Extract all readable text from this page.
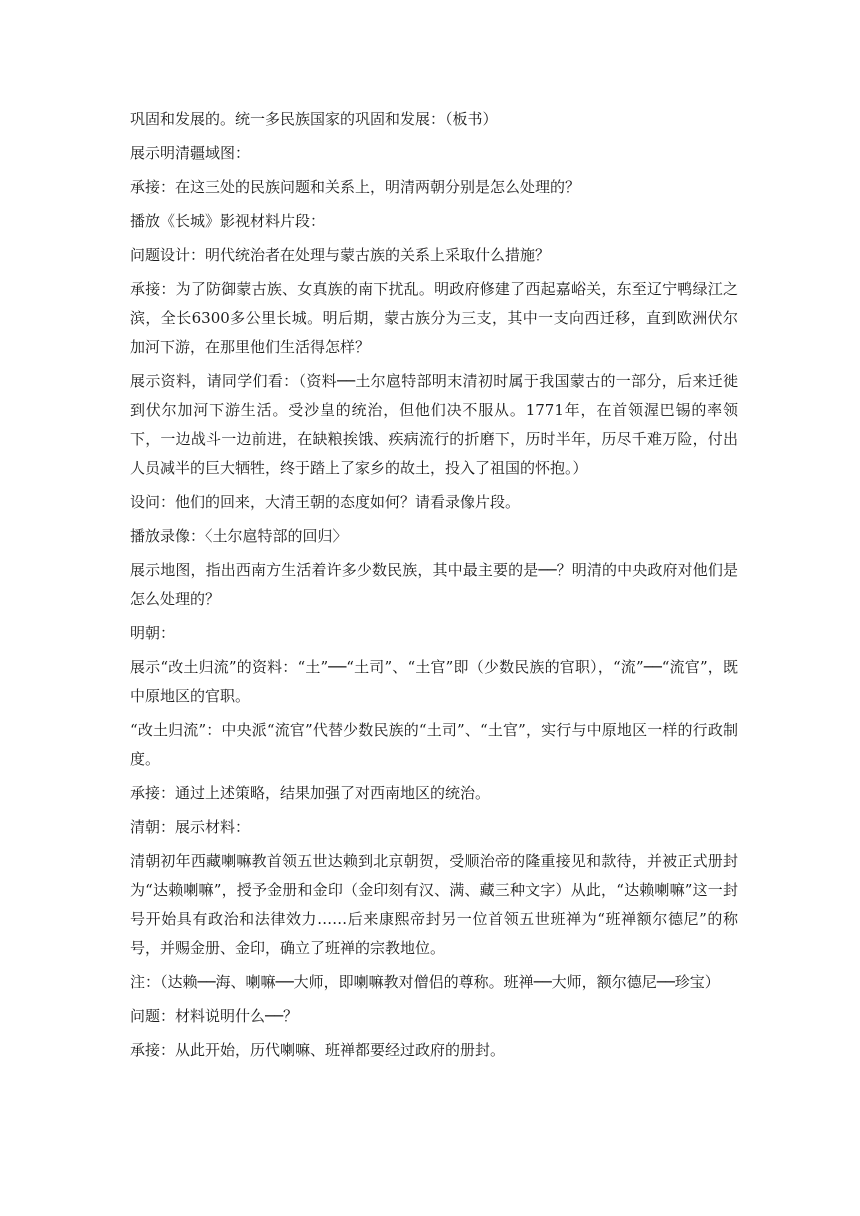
巩固和发展的。统一多民族国家的巩固和发展：（板书）

展示明清疆域图：

承接：在这三处的民族问题和关系上，明清两朝分别是怎么处理的？

播放《长城》影视材料片段：

问题设计：明代统治者在处理与蒙古族的关系上采取什么措施？

承接：为了防御蒙古族、女真族的南下扰乱。明政府修建了西起嘉峪关，东至辽宁鸭绿江之滨，全长6300多公里长城。明后期，蒙古族分为三支，其中一支向西迁移，直到欧洲伏尔加河下游，在那里他们生活得怎样？

展示资料，请同学们看：（资料──土尔扈特部明末清初时属于我国蒙古的一部分，后来迁徙到伏尔加河下游生活。受沙皇的统治，但他们决不服从。1771年，在首领渥巴锡的率领下，一边战斗一边前进，在缺粮挨饿、疾病流行的折磨下，历时半年，历尽千难万险，付出人员减半的巨大牺牲，终于踏上了家乡的故土，投入了祖国的怀抱。）

设问：他们的回来，大清王朝的态度如何？请看录像片段。

播放录像：〈土尔扈特部的回归〉

展示地图，指出西南方生活着许多少数民族，其中最主要的是──？明清的中央政府对他们是怎么处理的？

明朝：

展示“改土归流”的资料：“土”──“土司”、“土官”即（少数民族的官职），“流”──“流官”，既中原地区的官职。

“改土归流”：中央派“流官”代替少数民族的“土司”、“土官”，实行与中原地区一样的行政制度。

承接：通过上述策略，结果加强了对西南地区的统治。

清朝：展示材料：

清朝初年西藏喇嘛教首领五世达赖到北京朝贺，受顺治帝的隆重接见和款待，并被正式册封为“达赖喇嘛”，授予金册和金印（金印刻有汉、满、藏三种文字）从此，“达赖喇嘛”这一封号开始具有政治和法律效力……后来康熙帝封另一位首领五世班禅为“班禅额尔德尼”的称号，并赐金册、金印，确立了班禅的宗教地位。

注：（达赖──海、喇嘛──大师，即喇嘛教对僧侣的尊称。班禅──大师，额尔德尼──珍宝）

问题：材料说明什么──？

承接：从此开始，历代喇嘛、班禅都要经过政府的册封。
